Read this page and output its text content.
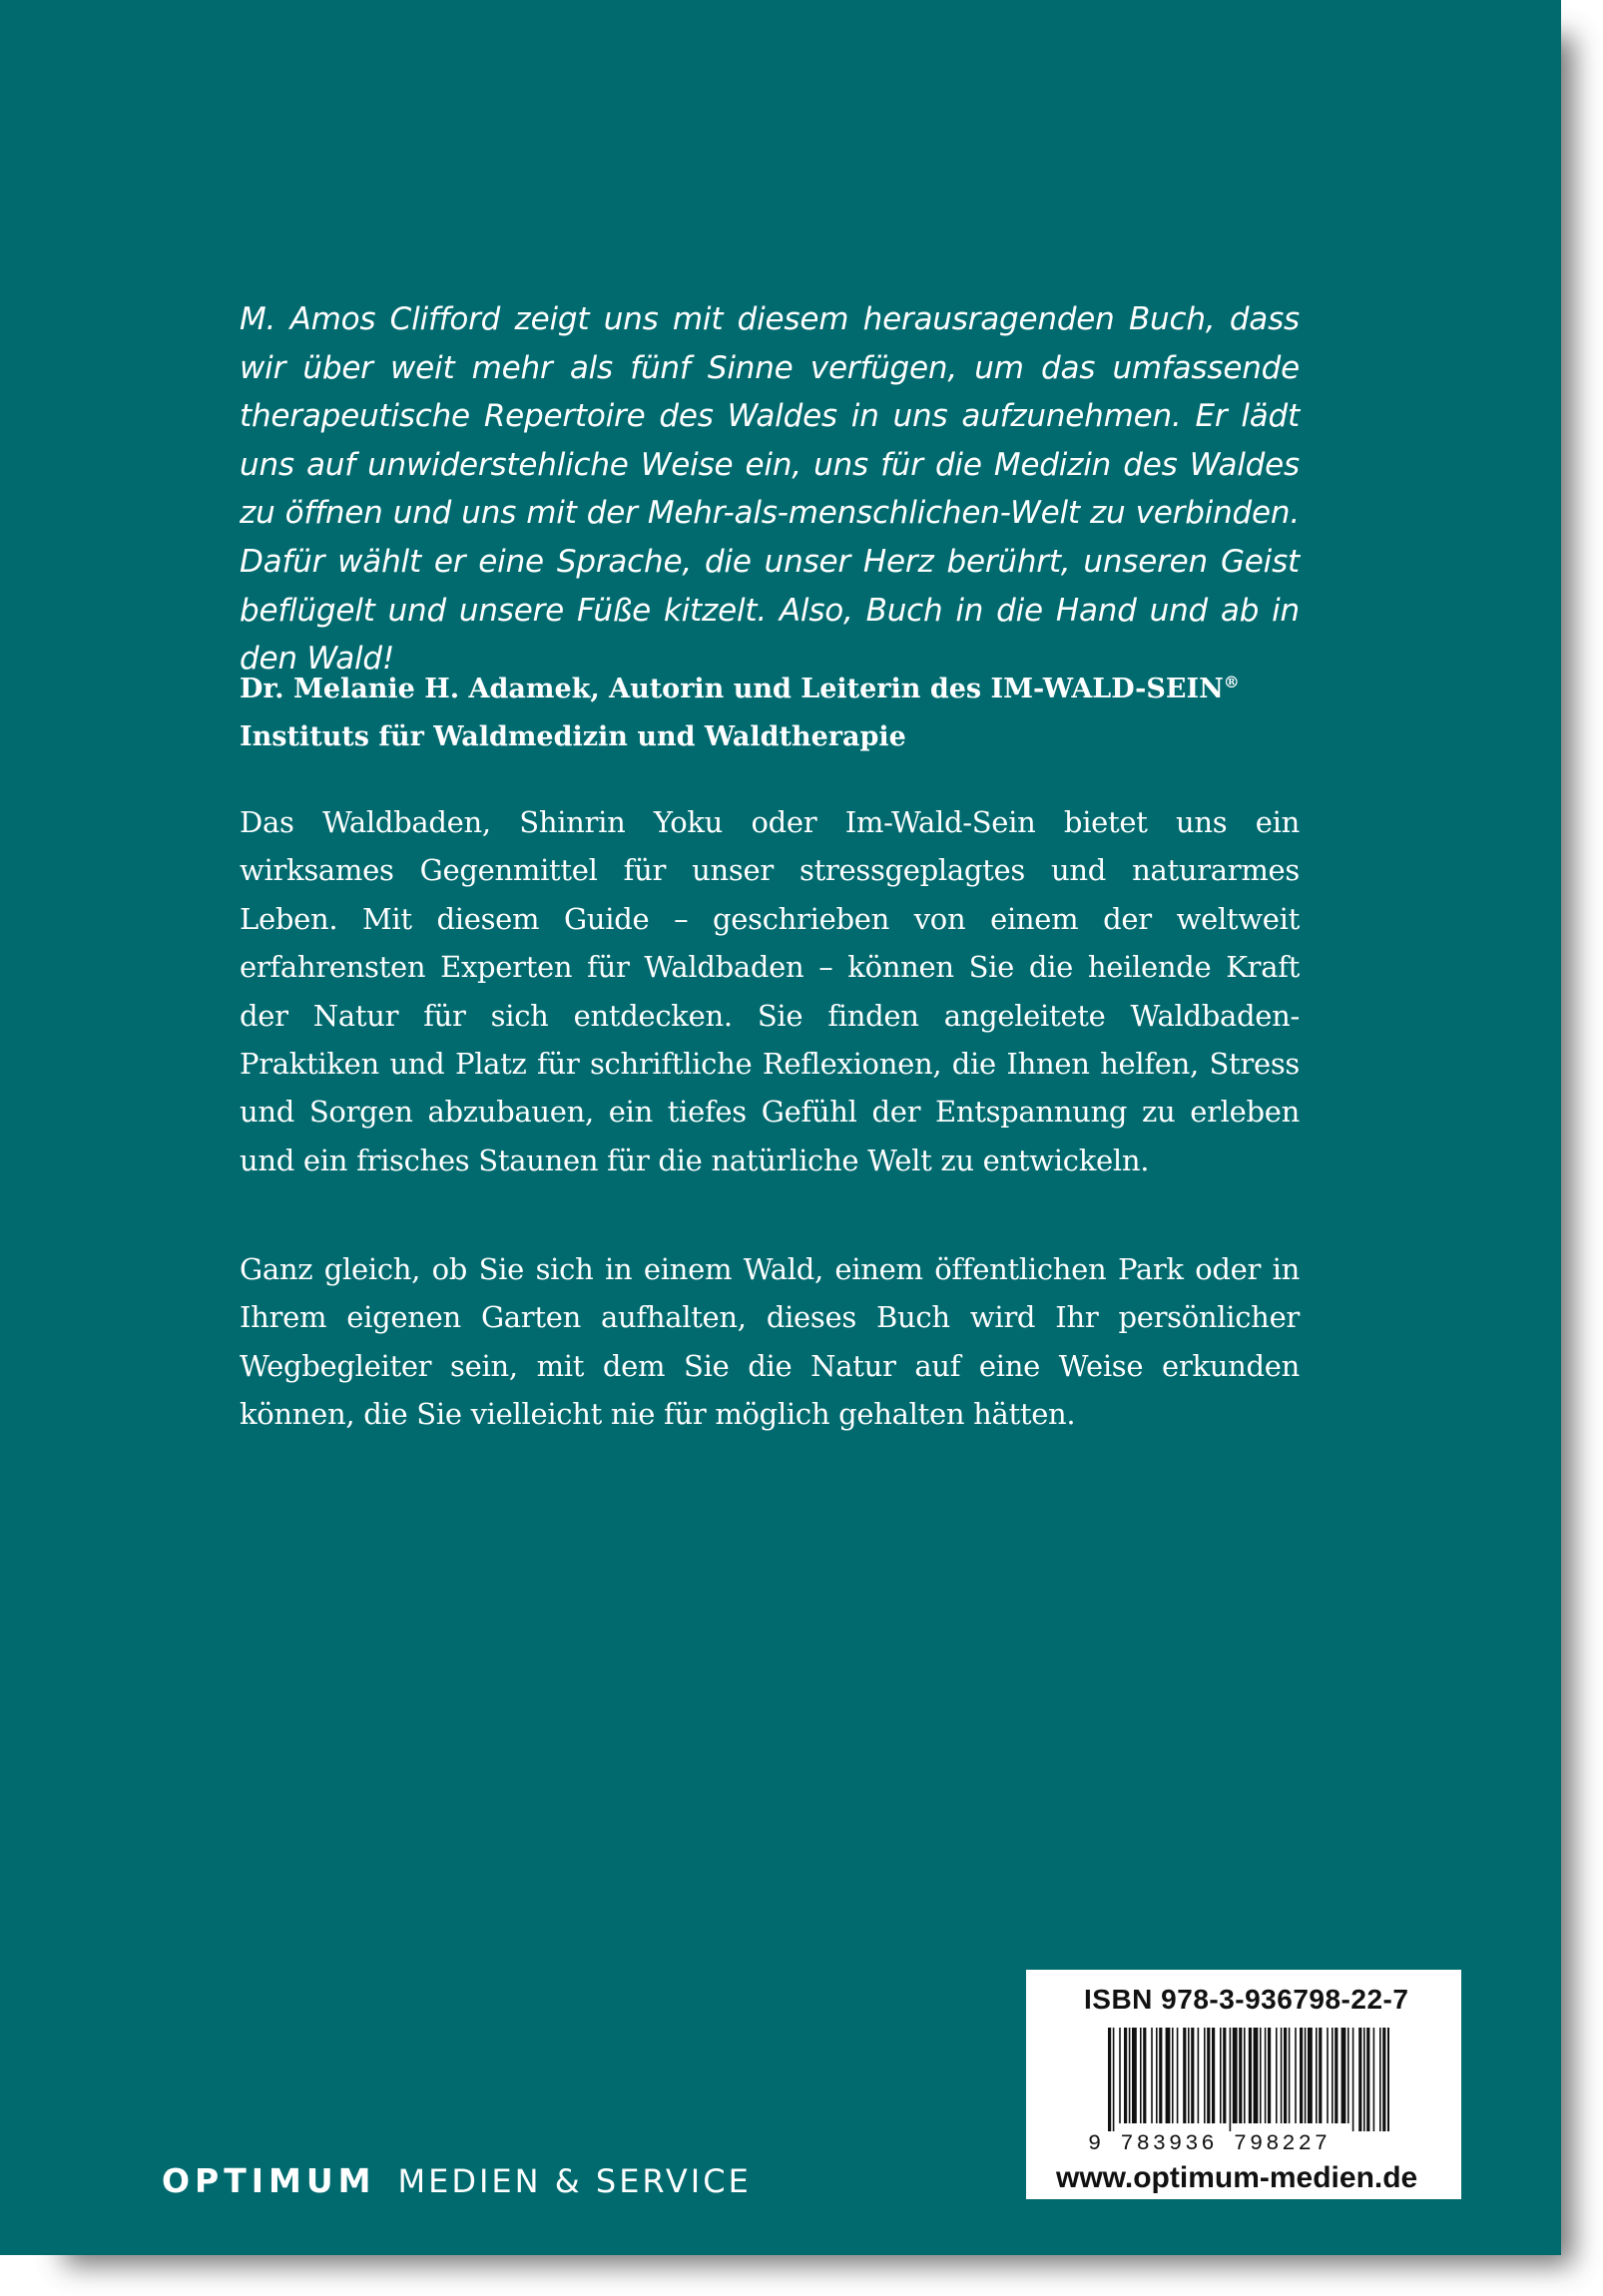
M. Amos Clifford zeigt uns mit diesem herausragenden Buch, dass wir über weit mehr als fünf Sinne verfügen, um das umfassende therapeutische Repertoire des Waldes in uns aufzunehmen. Er lädt uns auf unwiderstehliche Weise ein, uns für die Medizin des Waldes zu öffnen und uns mit der Mehr-als-menschlichen-Welt zu verbinden. Dafür wählt er eine Sprache, die unser Herz berührt, unseren Geist beflügelt und unsere Füße kitzelt. Also, Buch in die Hand und ab in den Wald!

Dr. Melanie H. Adamek, Autorin und Leiterin des IM-WALD-SEIN®
Instituts für Waldmedizin und Waldtherapie

Das Waldbaden, Shinrin Yoku oder Im-Wald-Sein bietet uns ein wirksames Gegenmittel für unser stressgeplagtes und naturarmes Leben. Mit diesem Guide – geschrieben von einem der weltweit erfahrensten Experten für Waldbaden – können Sie die heilende Kraft der Natur für sich entdecken. Sie finden angeleitete Waldbaden-Praktiken und Platz für schriftliche Reflexionen, die Ihnen helfen, Stress und Sorgen abzubauen, ein tiefes Gefühl der Entspannung zu erleben und ein frisches Staunen für die natürliche Welt zu entwickeln.

Ganz gleich, ob Sie sich in einem Wald, einem öffentlichen Park oder in Ihrem eigenen Garten aufhalten, dieses Buch wird Ihr persönlicher Wegbegleiter sein, mit dem Sie die Natur auf eine Weise erkunden können, die Sie vielleicht nie für möglich gehalten hätten.

OPTIMUM MEDIEN & SERVICE
ISBN 978-3-936798-22-7
9 783936 798227
www.optimum-medien.de
